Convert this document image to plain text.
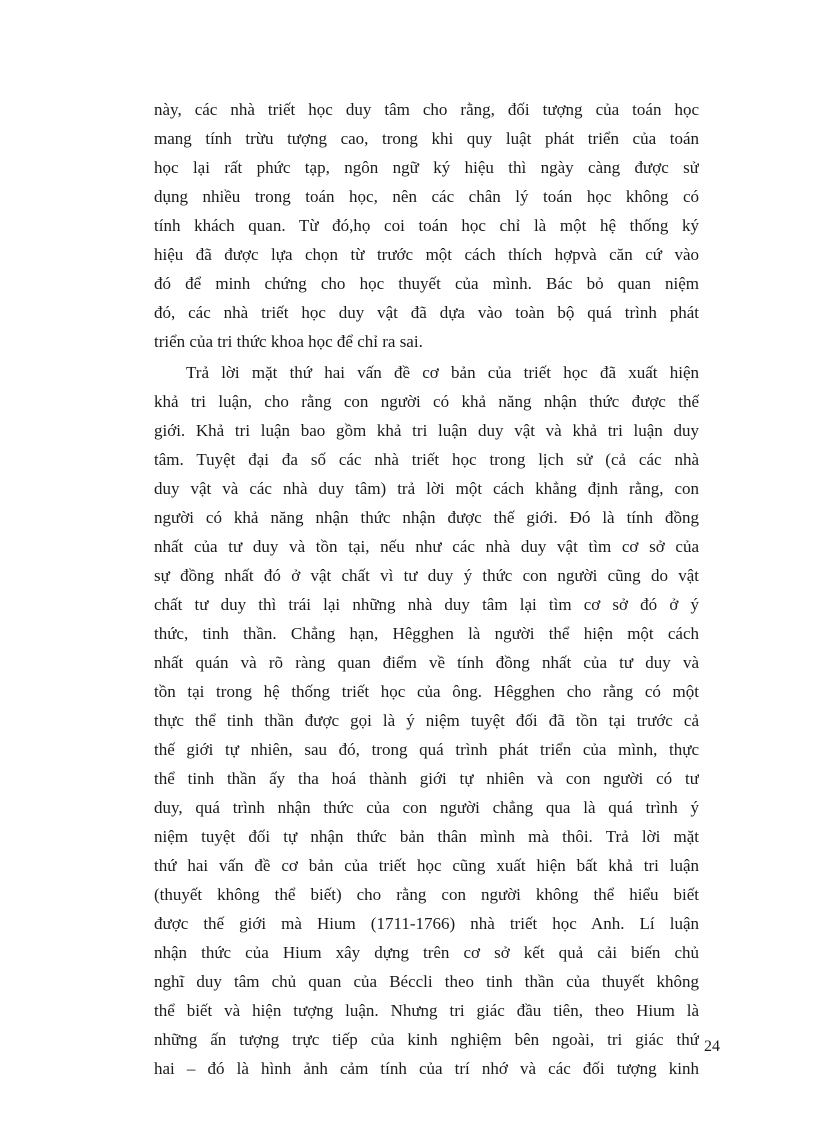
này, các nhà triết học duy tâm cho rằng, đối tượng của toán học
mang tính trừu tượng cao, trong khi quy luật phát triển của toán
học lại rất phức tạp, ngôn ngữ ký hiệu thì ngày càng được sử
dụng nhiều trong toán học, nên các chân lý toán học không có
tính khách quan. Từ đó,họ coi toán học chỉ là một hệ thống ký
hiệu đã được lựa chọn từ trước một cách thích hợpvà căn cứ vào
đó để minh chứng cho học thuyết của mình. Bác bỏ quan niệm
đó, các nhà triết học duy vật đã dựa vào toàn bộ quá trình phát
triển của tri thức khoa học để chỉ ra sai.
Trả lời mặt thứ hai vấn đề cơ bản của triết học đã xuất hiện
khả tri luận, cho rằng con người có khả năng nhận thức được thế
giới. Khả tri luận bao gồm khả tri luận duy vật và khả tri luận duy
tâm. Tuyệt đại đa số các nhà triết học trong lịch sử (cả các nhà
duy vật và các nhà duy tâm) trả lời một cách khẳng định rằng, con
người có khả năng nhận thức nhận được thế giới. Đó là tính đồng
nhất của tư duy và tồn tại, nếu như các nhà duy vật tìm cơ sở của
sự đồng nhất đó ở vật chất vì tư duy ý thức con người cũng do vật
chất tư duy thì trái lại những nhà duy tâm lại tìm cơ sở đó ở ý
thức, tinh thần. Chẳng hạn, Hêgghen là người thể hiện một cách
nhất quán và rõ ràng quan điểm về tính đồng nhất của tư duy và
tồn tại trong hệ thống triết học của ông. Hêgghen cho rằng có một
thực thể tinh thần được gọi là ý niệm tuyệt đối đã tồn tại trước cả
thế giới tự nhiên, sau đó, trong quá trình phát triển của mình, thực
thể tinh thần ấy tha hoá thành giới tự nhiên và con người có tư
duy, quá trình nhận thức của con người chẳng qua là quá trình ý
niệm tuyệt đối tự nhận thức bản thân mình mà thôi. Trả lời mặt
thứ hai vấn đề cơ bản của triết học cũng xuất hiện bất khả tri luận
(thuyết không thể biết) cho rằng con người không thể hiểu biết
được thế giới mà Hium (1711-1766) nhà triết học Anh. Lí luận
nhận thức của Hium xây dựng trên cơ sở kết quả cải biến chủ
nghĩ duy tâm chủ quan của Béccli theo tinh thần của thuyết không
thể biết và hiện tượng luận. Nhưng tri giác đầu tiên, theo Hium là
những ấn tượng trực tiếp của kinh nghiệm bên ngoài, tri giác thứ
hai – đó là hình ảnh cảm tính của trí nhớ và các đối tượng kinh
24
